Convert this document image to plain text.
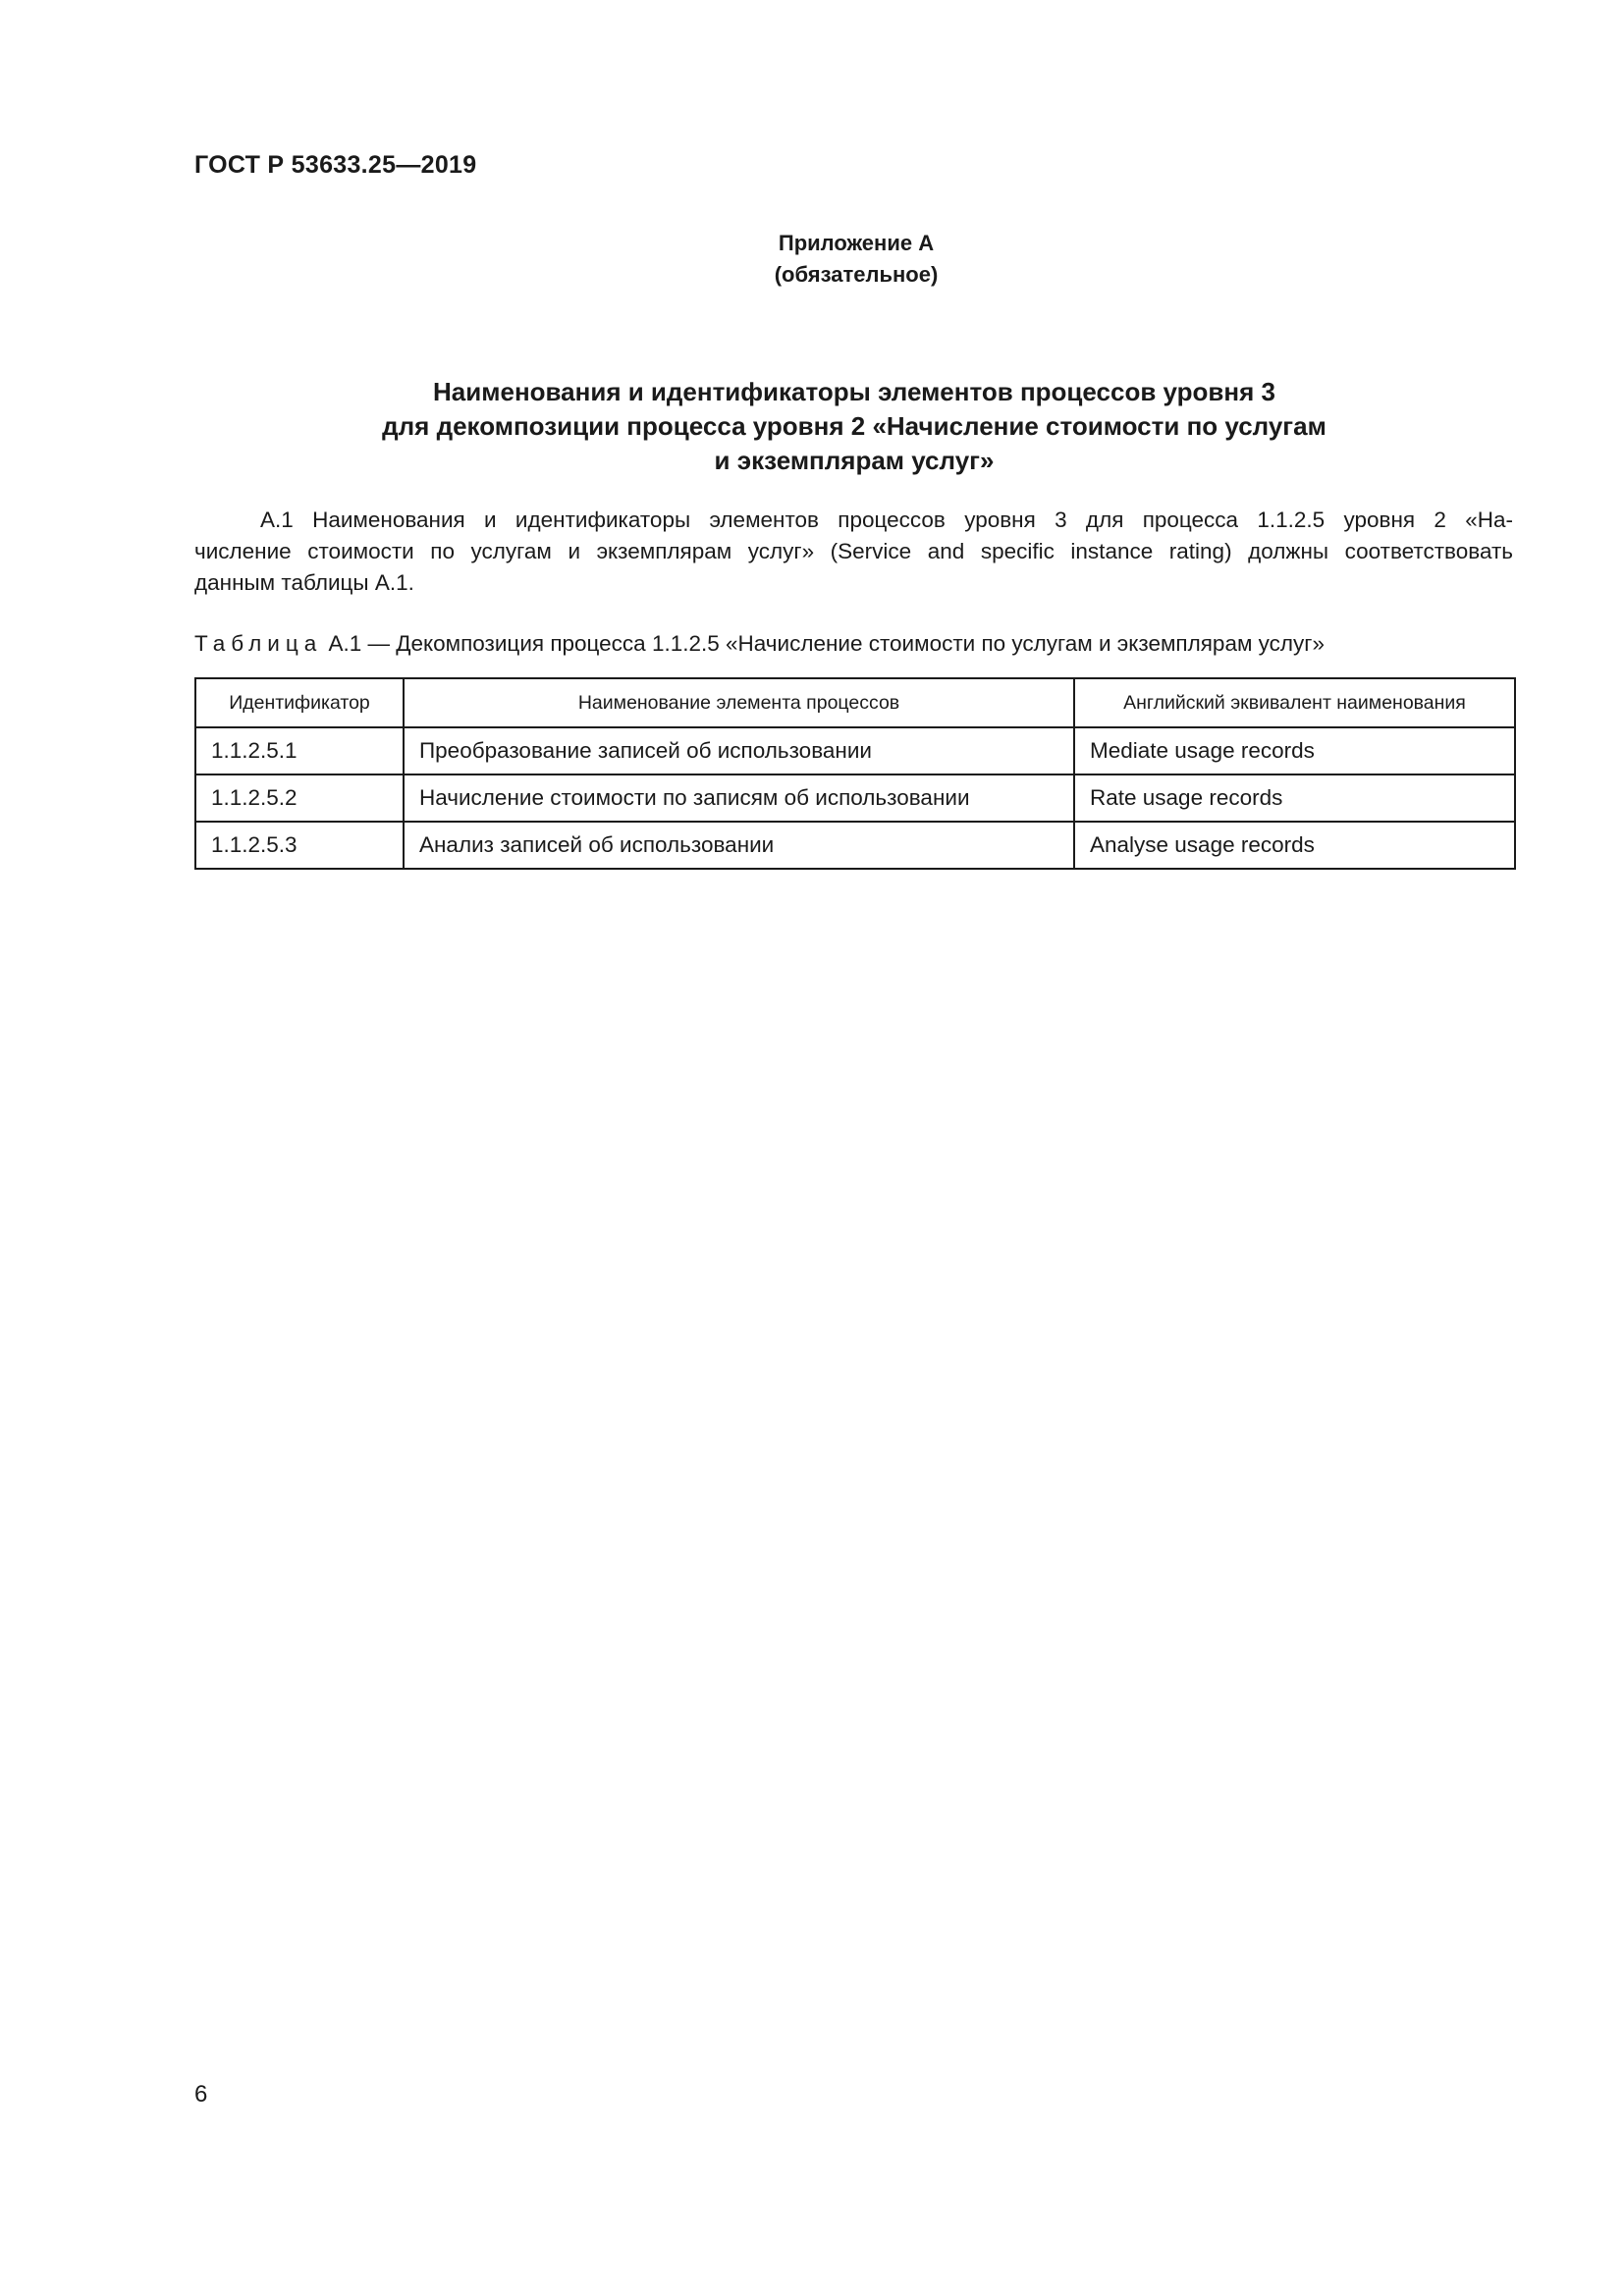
ГОСТ Р 53633.25—2019
Приложение А
(обязательное)
Наименования и идентификаторы элементов процессов уровня 3
для декомпозиции процесса уровня 2 «Начисление стоимости по услугам
и экземплярам услуг»
А.1 Наименования и идентификаторы элементов процессов уровня 3 для процесса 1.1.2.5 уровня 2 «На-
числение стоимости по услугам и экземплярам услуг» (Service and specific instance rating) должны соответствовать
данным таблицы А.1.
Таблица А.1 — Декомпозиция процесса 1.1.2.5 «Начисление стоимости по услугам и экземплярам услуг»
Идентификатор	Наименование элемента процессов	Английский эквивалент наименования
1.1.2.5.1	Преобразование записей об использовании	Mediate usage records
1.1.2.5.2	Начисление стоимости по записям об использовании	Rate usage records
1.1.2.5.3	Анализ записей об использовании	Analyse usage records
6
